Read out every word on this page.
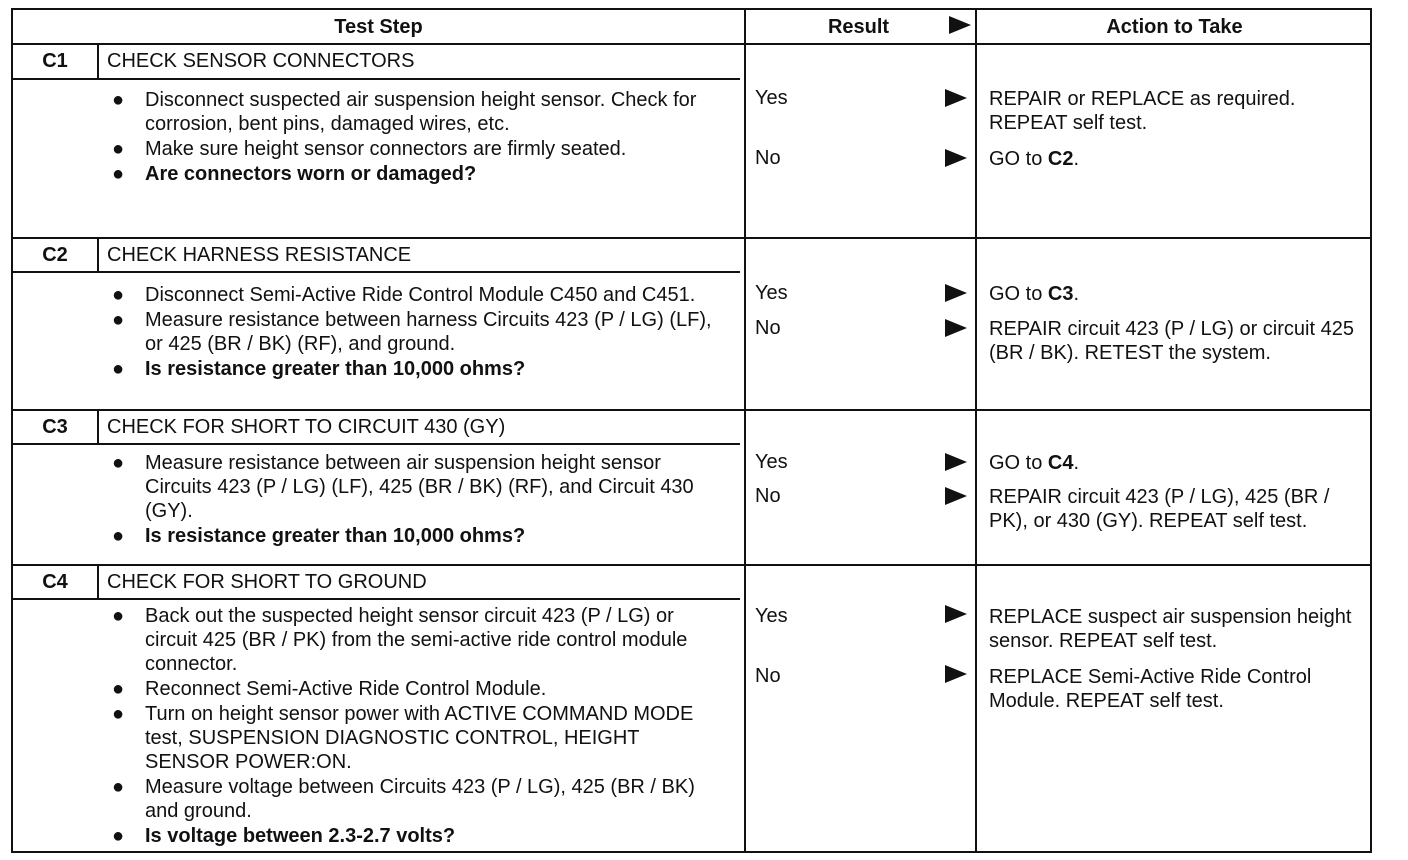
Test Step	Result	Action to Take
C1	CHECK SENSOR CONNECTORS
● Disconnect suspected air suspension height sensor. Check for corrosion, bent pins, damaged wires, etc.
● Make sure height sensor connectors are firmly seated.
● Are connectors worn or damaged?
Yes	REPAIR or REPLACE as required. REPEAT self test.
No	GO to C2.
C2	CHECK HARNESS RESISTANCE
● Disconnect Semi-Active Ride Control Module C450 and C451.
● Measure resistance between harness Circuits 423 (P / LG) (LF), or 425 (BR / BK) (RF), and ground.
● Is resistance greater than 10,000 ohms?
Yes	GO to C3.
No	REPAIR circuit 423 (P / LG) or circuit 425 (BR / BK). RETEST the system.
C3	CHECK FOR SHORT TO CIRCUIT 430 (GY)
● Measure resistance between air suspension height sensor Circuits 423 (P / LG) (LF), 425 (BR / BK) (RF), and Circuit 430 (GY).
● Is resistance greater than 10,000 ohms?
Yes	GO to C4.
No	REPAIR circuit 423 (P / LG), 425 (BR / PK), or 430 (GY). REPEAT self test.
C4	CHECK FOR SHORT TO GROUND
● Back out the suspected height sensor circuit 423 (P / LG) or circuit 425 (BR / PK) from the semi-active ride control module connector.
● Reconnect Semi-Active Ride Control Module.
● Turn on height sensor power with ACTIVE COMMAND MODE test, SUSPENSION DIAGNOSTIC CONTROL, HEIGHT SENSOR POWER:ON.
● Measure voltage between Circuits 423 (P / LG), 425 (BR / BK) and ground.
● Is voltage between 2.3-2.7 volts?
Yes	REPLACE suspect air suspension height sensor. REPEAT self test.
No	REPLACE Semi-Active Ride Control Module. REPEAT self test.
